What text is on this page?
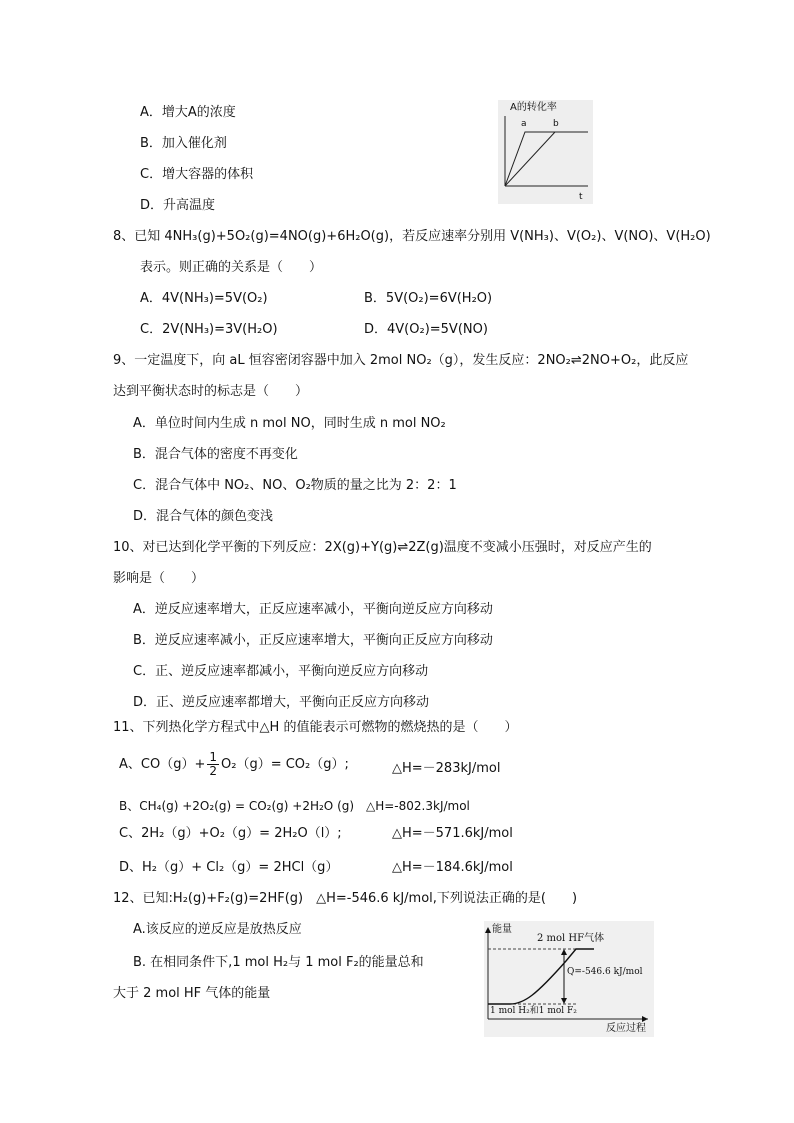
A．增大A的浓度
B．加入催化剂
C．增大容器的体积
D．升高温度
A的转化率
a	b
t
8、已知 4NH₃(g)+5O₂(g)=4NO(g)+6H₂O(g)，若反应速率分别用 V(NH₃)、V(O₂)、V(NO)、V(H₂O)
表示。则正确的关系是（　　）
A．4V(NH₃)=5V(O₂)	B．5V(O₂)=6V(H₂O)
C．2V(NH₃)=3V(H₂O)	D．4V(O₂)=5V(NO)
9、一定温度下，向 aL 恒容密闭容器中加入 2mol NO₂（g），发生反应：2NO₂⇌2NO+O₂，此反应
达到平衡状态时的标志是（　　）
A．单位时间内生成 n mol NO，同时生成 n mol NO₂
B．混合气体的密度不再变化
C．混合气体中 NO₂、NO、O₂物质的量之比为 2：2：1
D．混合气体的颜色变浅
10、对已达到化学平衡的下列反应：2X(g)+Y(g)⇌2Z(g)温度不变减小压强时，对反应产生的
影响是（　　）
A．逆反应速率增大，正反应速率减小，平衡向逆反应方向移动
B．逆反应速率减小，正反应速率增大，平衡向正反应方向移动
C．正、逆反应速率都减小，平衡向逆反应方向移动
D．正、逆反应速率都增大，平衡向正反应方向移动
11、下列热化学方程式中△H 的值能表示可燃物的燃烧热的是（　　）
A、$CO(g)+ \frac{1}{2} O_2(g)= CO_2(g)$;	△H=－283kJ/mol
B、CH₄(g) +2O₂(g) = CO₂(g) +2H₂O (g) △H=-802.3kJ/mol
C、2H₂（g）+O₂（g）= 2H₂O（l）;	△H=－571.6kJ/mol
D、H₂（g）+ Cl₂（g）= 2HCl（g）	△H=－184.6kJ/mol
12、已知:H₂(g)+F₂(g)=2HF(g)　△H=-546.6 kJ/mol,下列说法正确的是(　　)
A.该反应的逆反应是放热反应
B. 在相同条件下,1 mol H₂与 1 mol F₂的能量总和
大于 2 mol HF 气体的能量
能量
2 mol HF气体
Q=-546.6 kJ/mol
1 mol H₂和1 mol F₂
反应过程
